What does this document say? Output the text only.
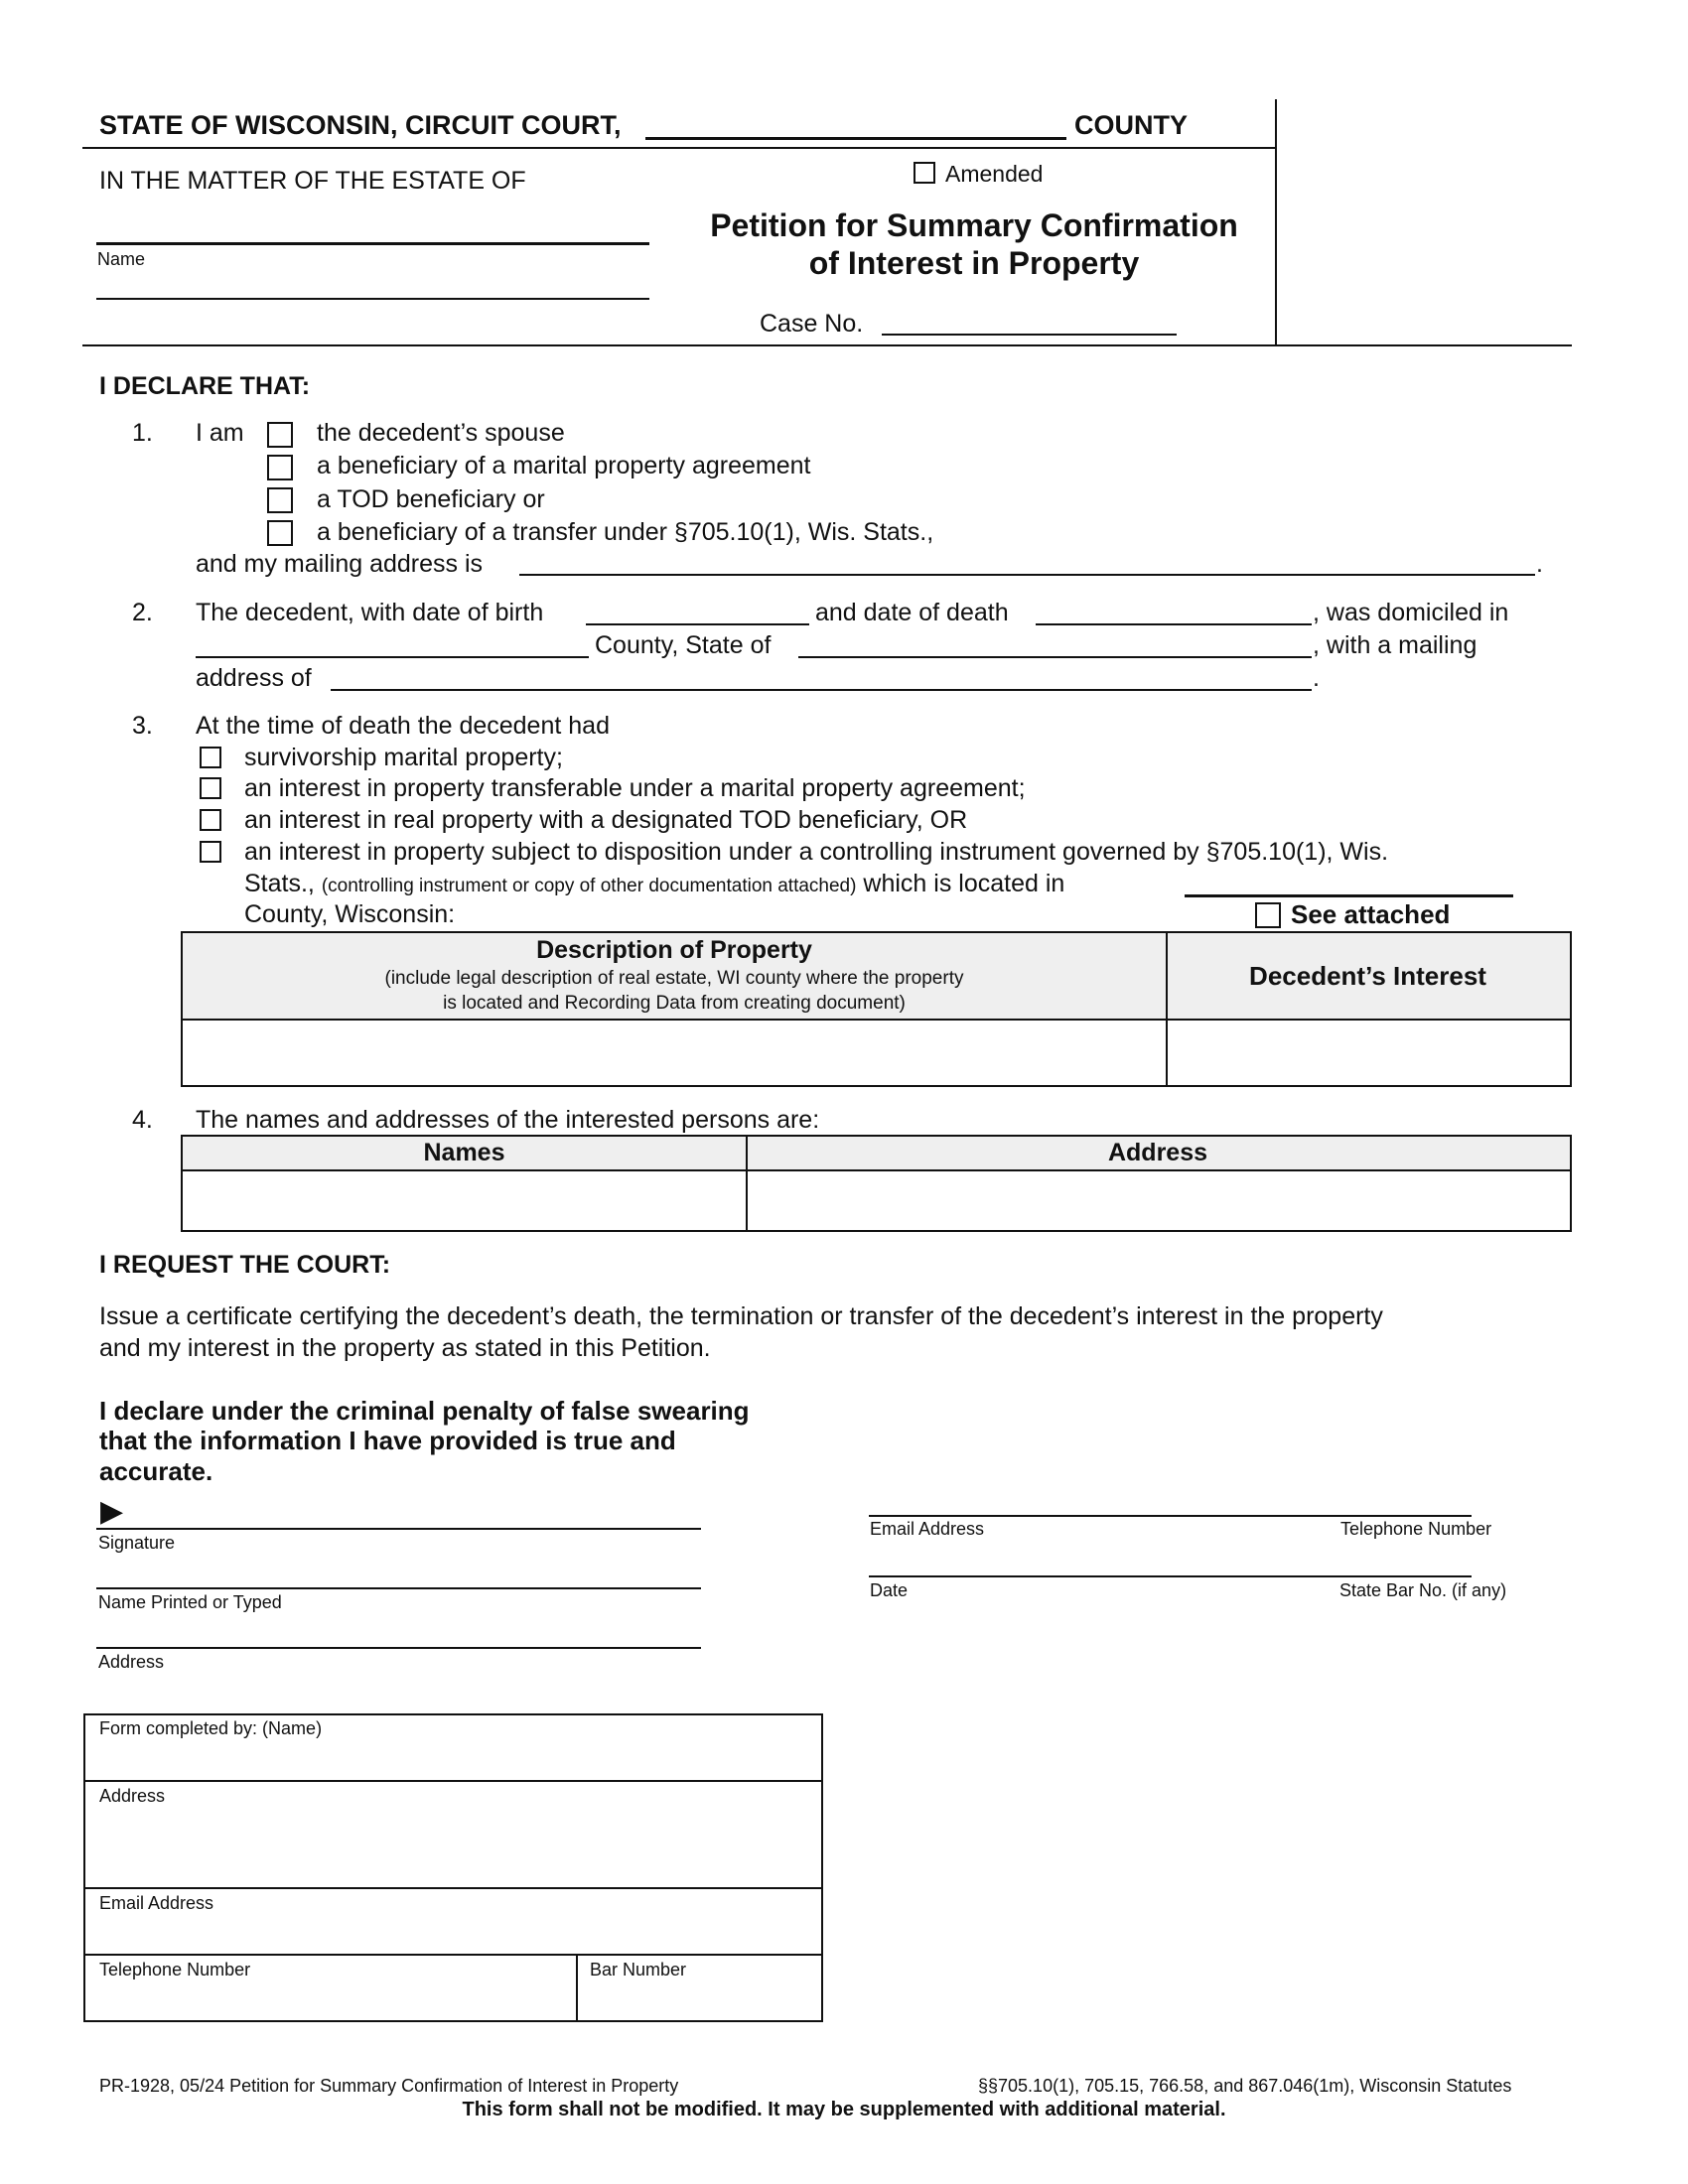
STATE OF WISCONSIN, CIRCUIT COURT,	COUNTY
IN THE MATTER OF THE ESTATE OF
Name
Amended
Petition for Summary Confirmation
of Interest in Property
Case No.
I DECLARE THAT:
1. I am	the decedent’s spouse
a beneficiary of a marital property agreement
a TOD beneficiary or
a beneficiary of a transfer under §705.10(1), Wis. Stats.,
and my mailing address is	.
2. The decedent, with date of birth	and date of death	, was domiciled in
County, State of	, with a mailing
address of	.
3. At the time of death the decedent had
survivorship marital property;
an interest in property transferable under a marital property agreement;
an interest in real property with a designated TOD beneficiary, OR
an interest in property subject to disposition under a controlling instrument governed by §705.10(1), Wis.
Stats., (controlling instrument or copy of other documentation attached) which is located in
County, Wisconsin:	See attached
Description of Property
(include legal description of real estate, WI county where the property
is located and Recording Data from creating document)
Decedent’s Interest
4. The names and addresses of the interested persons are:
Names	Address
I REQUEST THE COURT:
Issue a certificate certifying the decedent’s death, the termination or transfer of the decedent’s interest in the property
and my interest in the property as stated in this Petition.
I declare under the criminal penalty of false swearing
that the information I have provided is true and
accurate.
▶
Signature
Name Printed or Typed
Address
Email Address	Telephone Number
Date	State Bar No. (if any)
Form completed by: (Name)
Address
Email Address
Telephone Number	Bar Number
PR-1928, 05/24 Petition for Summary Confirmation of Interest in Property	§§705.10(1), 705.15, 766.58, and 867.046(1m), Wisconsin Statutes
This form shall not be modified. It may be supplemented with additional material.
